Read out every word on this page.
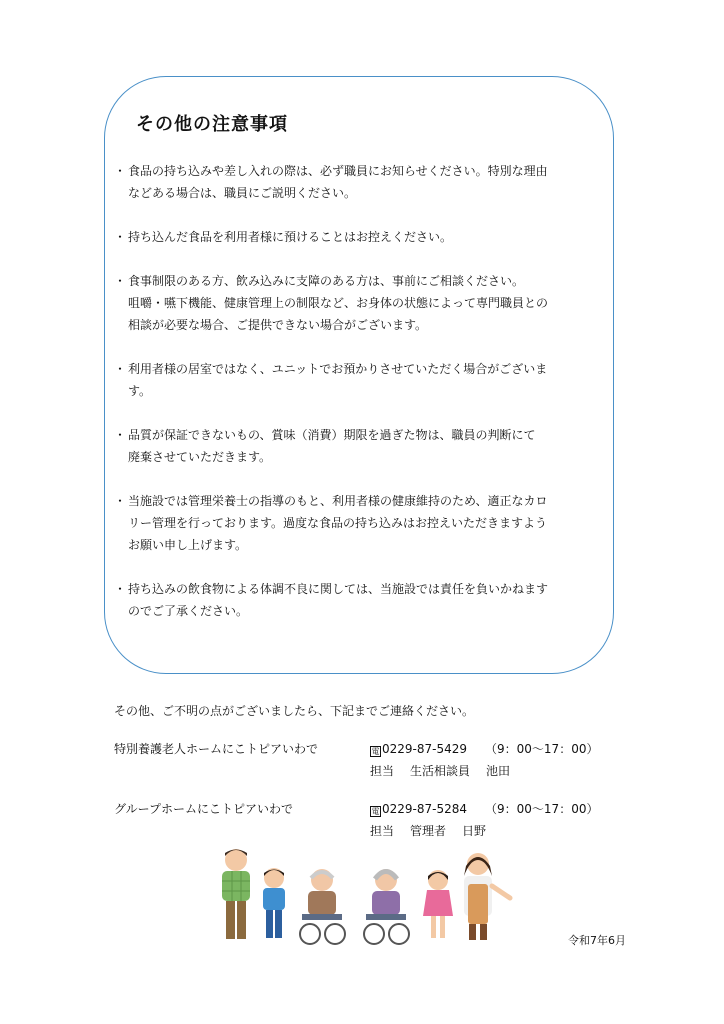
その他の注意事項
・ 食品の持ち込みや差し入れの際は、必ず職員にお知らせください。特別な理由
などある場合は、職員にご説明ください。
・ 持ち込んだ食品を利用者様に預けることはお控えください。
・ 食事制限のある方、飲み込みに支障のある方は、事前にご相談ください。
咀嚼・嚥下機能、健康管理上の制限など、お身体の状態によって専門職員との
相談が必要な場合、ご提供できない場合がございます。
・ 利用者様の居室ではなく、ユニットでお預かりさせていただく場合がございま
す。
・ 品質が保証できないもの、賞味（消費）期限を過ぎた物は、職員の判断にて
廃棄させていただきます。
・ 当施設では管理栄養士の指導のもと、利用者様の健康維持のため、適正なカロ
リー管理を行っております。過度な食品の持ち込みはお控えいただきますよう
お願い申し上げます。
・ 持ち込みの飲食物による体調不良に関しては、当施設では責任を負いかねます
のでご了承ください。
その他、ご不明の点がございましたら、下記までご連絡ください。
特別養護老人ホームにこトピアいわで	電 0229-87-5429 （9：00～17：00）
担当 生活相談員 池田
グループホームにこトピアいわで	電 0229-87-5284 （9：00～17：00）
担当 管理者 日野
令和7年6月
